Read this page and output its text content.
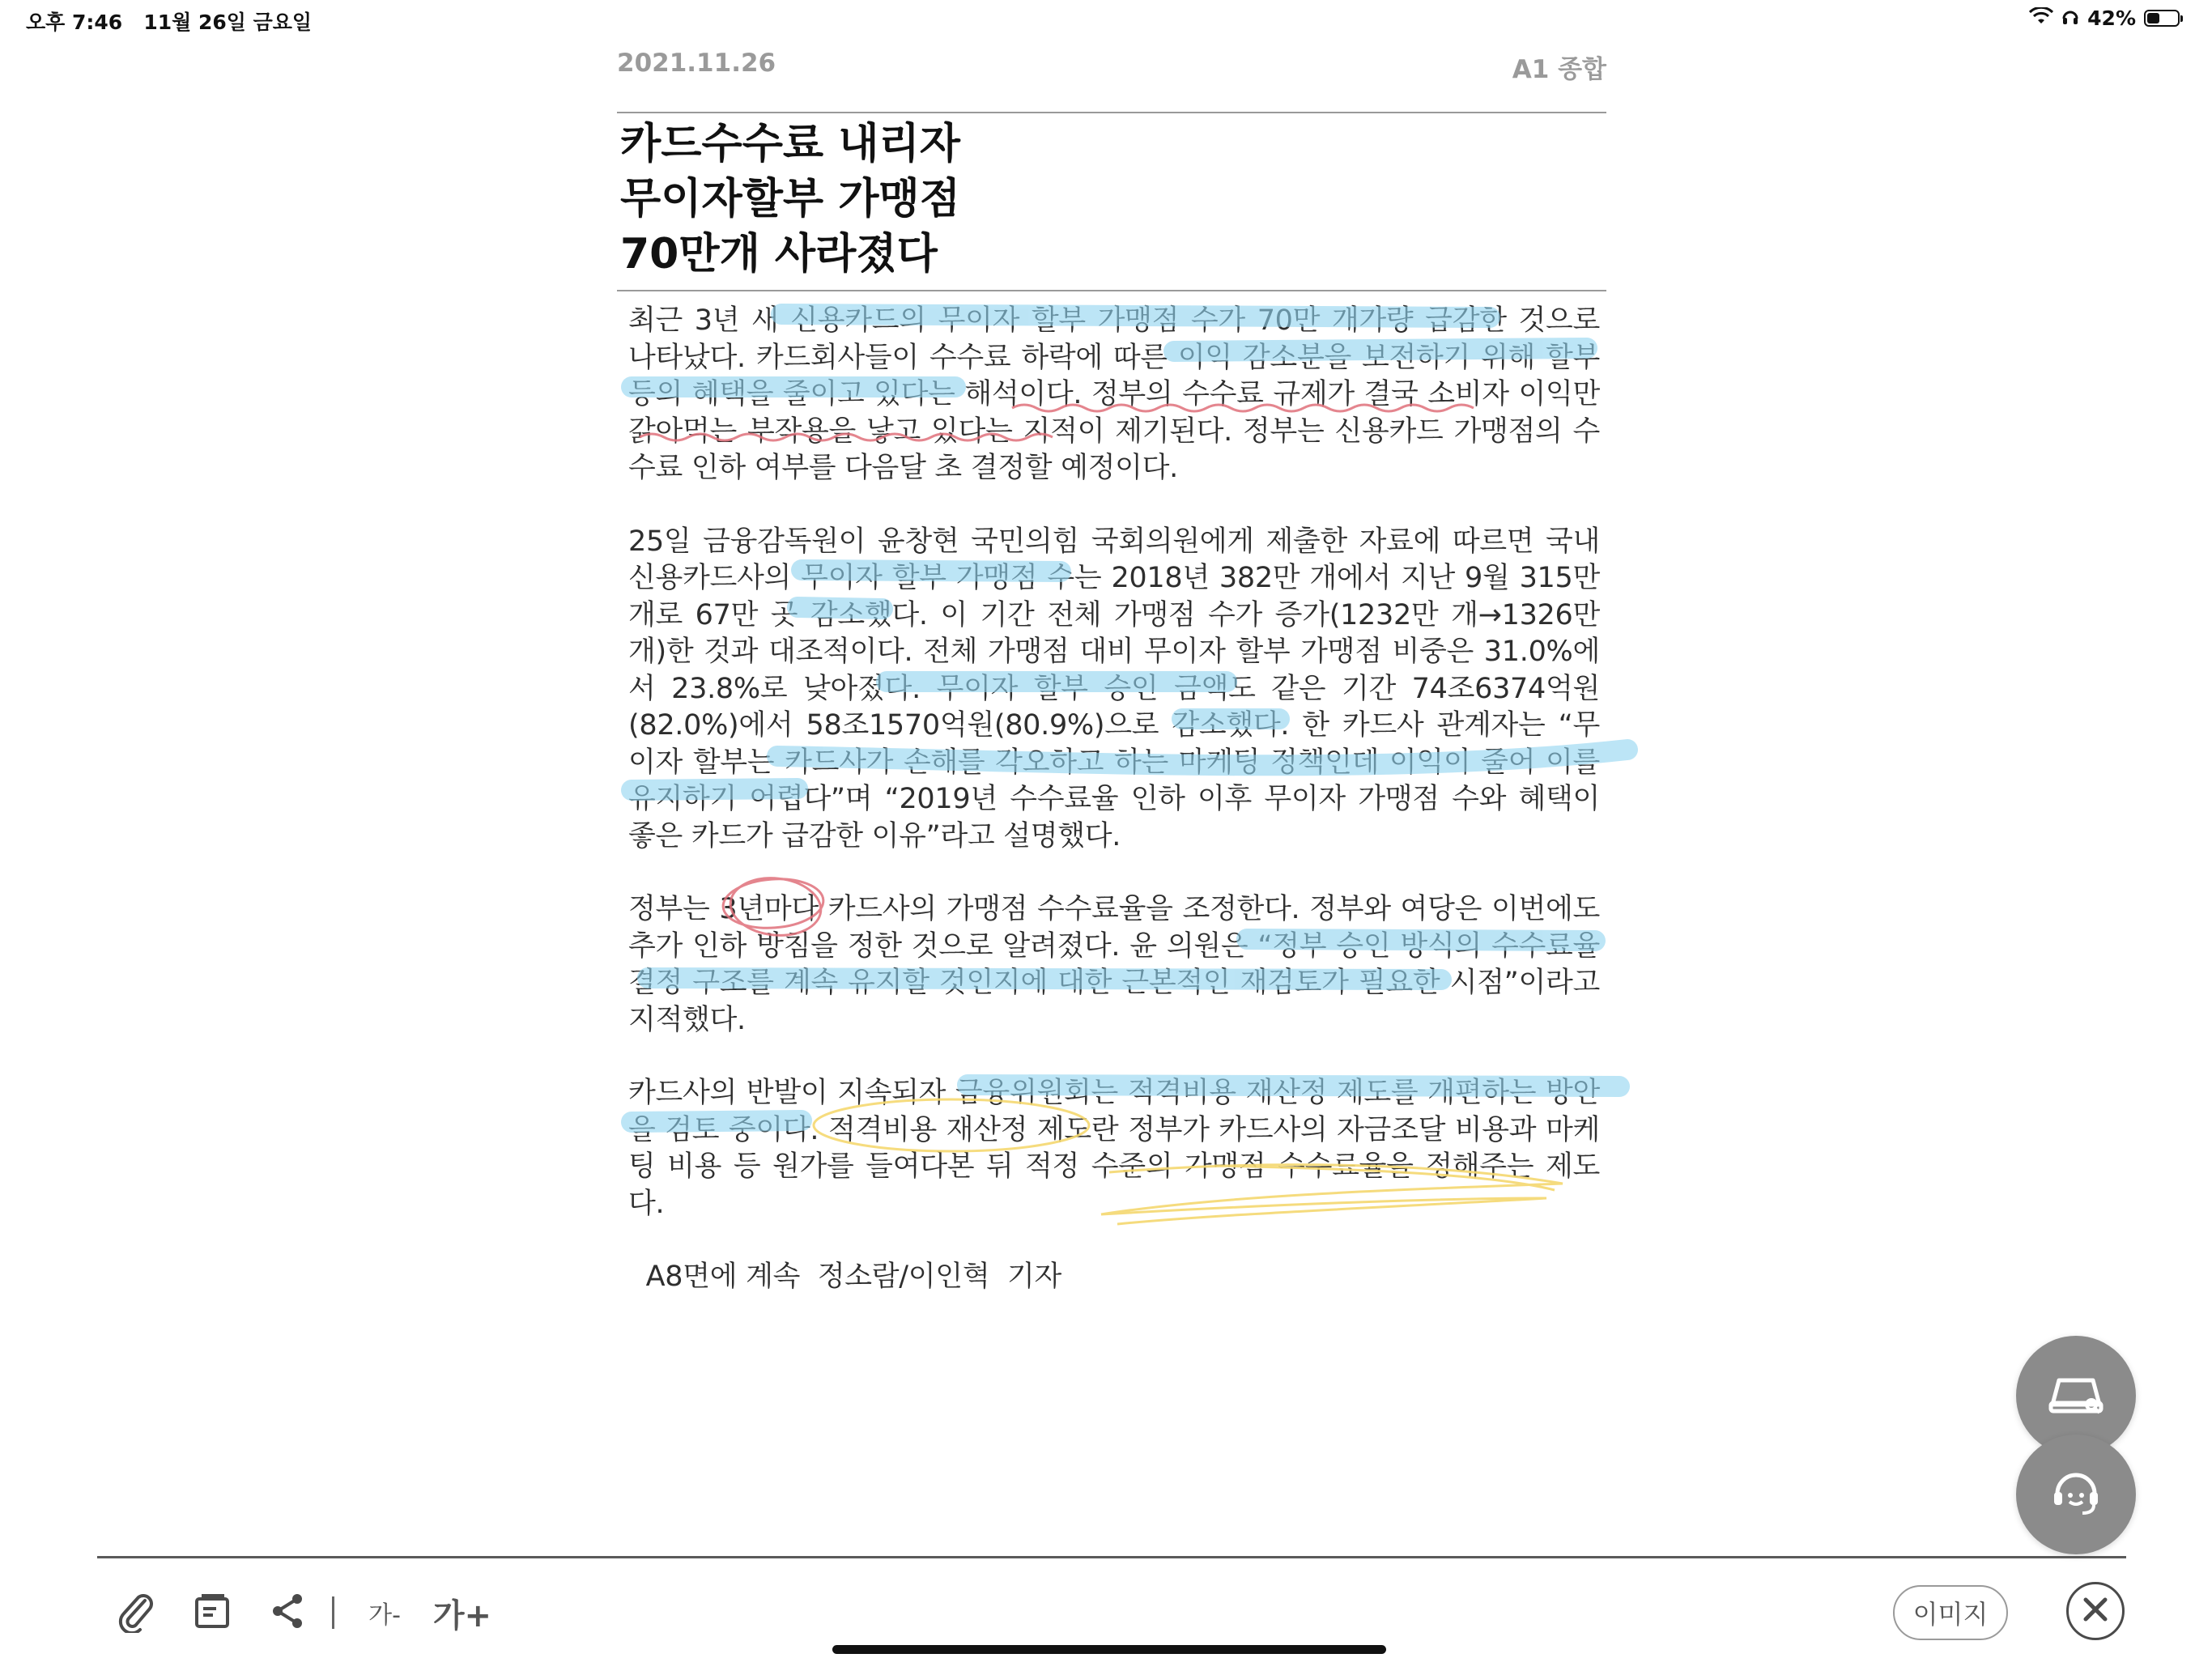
오후 7:46 11월 26일 금요일	42%
2021.11.26	A1 종합
카드수수료 내리자
무이자할부 가맹점
70만개 사라졌다

최근 3년 새 신용카드의 무이자 할부 가맹점 수가 70만 개가량 급감한 것으로 나타났다. 카드회사들이 수수료 하락에 따른 이익 감소분을 보전하기 위해 할부 등의 혜택을 줄이고 있다는 해석이다. 정부의 수수료 규제가 결국 소비자 이익만 갉아먹는 부작용을 낳고 있다는 지적이 제기된다. 정부는 신용카드 가맹점의 수수료 인하 여부를 다음달 초 결정할 예정이다.

25일 금융감독원이 윤창현 국민의힘 국회의원에게 제출한 자료에 따르면 국내 신용카드사의 무이자 할부 가맹점 수는 2018년 382만 개에서 지난 9월 315만 개로 67만 곳 감소했다. 이 기간 전체 가맹점 수가 증가(1232만 개→1326만 개)한 것과 대조적이다. 전체 가맹점 대비 무이자 할부 가맹점 비중은 31.0%에서 23.8%로 낮아졌다. 무이자 할부 승인 금액도 같은 기간 74조6374억원(82.0%)에서 58조1570억원(80.9%)으로 감소했다. 한 카드사 관계자는 “무이자 할부는 카드사가 손해를 각오하고 하는 마케팅 정책인데 이익이 줄어 이를 유지하기 어렵다”며 “2019년 수수료율 인하 이후 무이자 가맹점 수와 혜택이 좋은 카드가 급감한 이유”라고 설명했다.

정부는 3년마다 카드사의 가맹점 수수료율을 조정한다. 정부와 여당은 이번에도 추가 인하 방침을 정한 것으로 알려졌다. 윤 의원은 “정부 승인 방식의 수수료율 결정 구조를 계속 유지할 것인지에 대한 근본적인 재검토가 필요한 시점”이라고 지적했다.

카드사의 반발이 지속되자 금융위원회는 적격비용 재산정 제도를 개편하는 방안을 검토 중이다. 적격비용 재산정 제도란 정부가 카드사의 자금조달 비용과 마케팅 비용 등 원가를 들여다본 뒤 적정 수준의 가맹점 수수료율을 정해주는 제도다.

A8면에 계속  정소람/이인혁  기자

가-	가+	이미지
